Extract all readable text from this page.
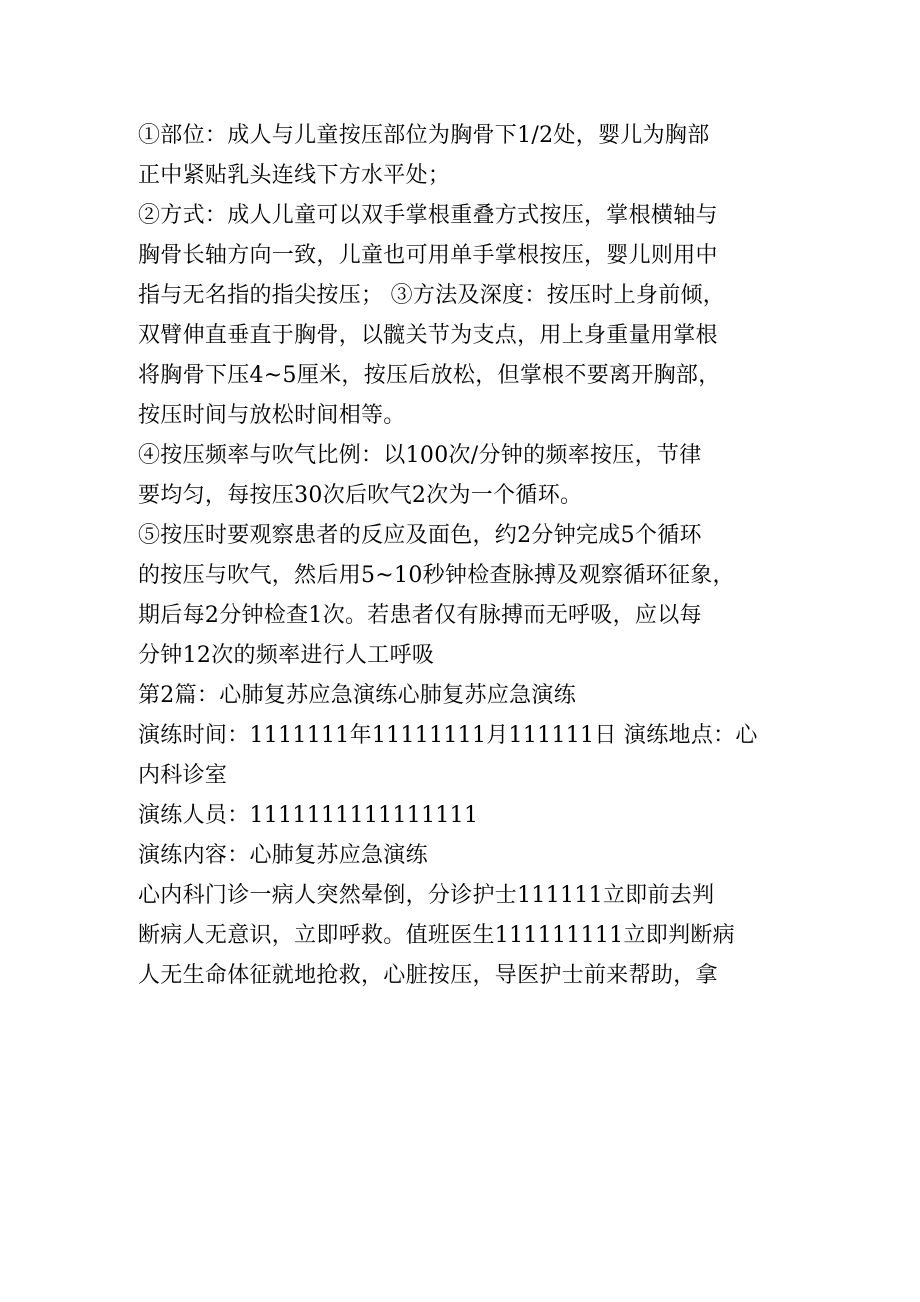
①部位：成人与儿童按压部位为胸骨下1/2处，婴儿为胸部
正中紧贴乳头连线下方水平处；
②方式：成人儿童可以双手掌根重叠方式按压，掌根横轴与
胸骨长轴方向一致，儿童也可用单手掌根按压，婴儿则用中
指与无名指的指尖按压； ③方法及深度：按压时上身前倾，
双臂伸直垂直于胸骨，以髋关节为支点，用上身重量用掌根
将胸骨下压4~5厘米，按压后放松，但掌根不要离开胸部，
按压时间与放松时间相等。
④按压频率与吹气比例：以100次/分钟的频率按压，节律
要均匀，每按压30次后吹气2次为一个循环。
⑤按压时要观察患者的反应及面色，约2分钟完成5个循环
的按压与吹气，然后用5~10秒钟检查脉搏及观察循环征象，
期后每2分钟检查1次。若患者仅有脉搏而无呼吸，应以每
分钟12次的频率进行人工呼吸
第2篇：心肺复苏应急演练心肺复苏应急演练
演练时间：1111111年11111111月111111日 演练地点：心
内科诊室
演练人员：1111111111111111
演练内容：心肺复苏应急演练
心内科门诊一病人突然晕倒，分诊护士111111立即前去判
断病人无意识，立即呼救。值班医生111111111立即判断病
人无生命体征就地抢救，心脏按压，导医护士前来帮助，拿
